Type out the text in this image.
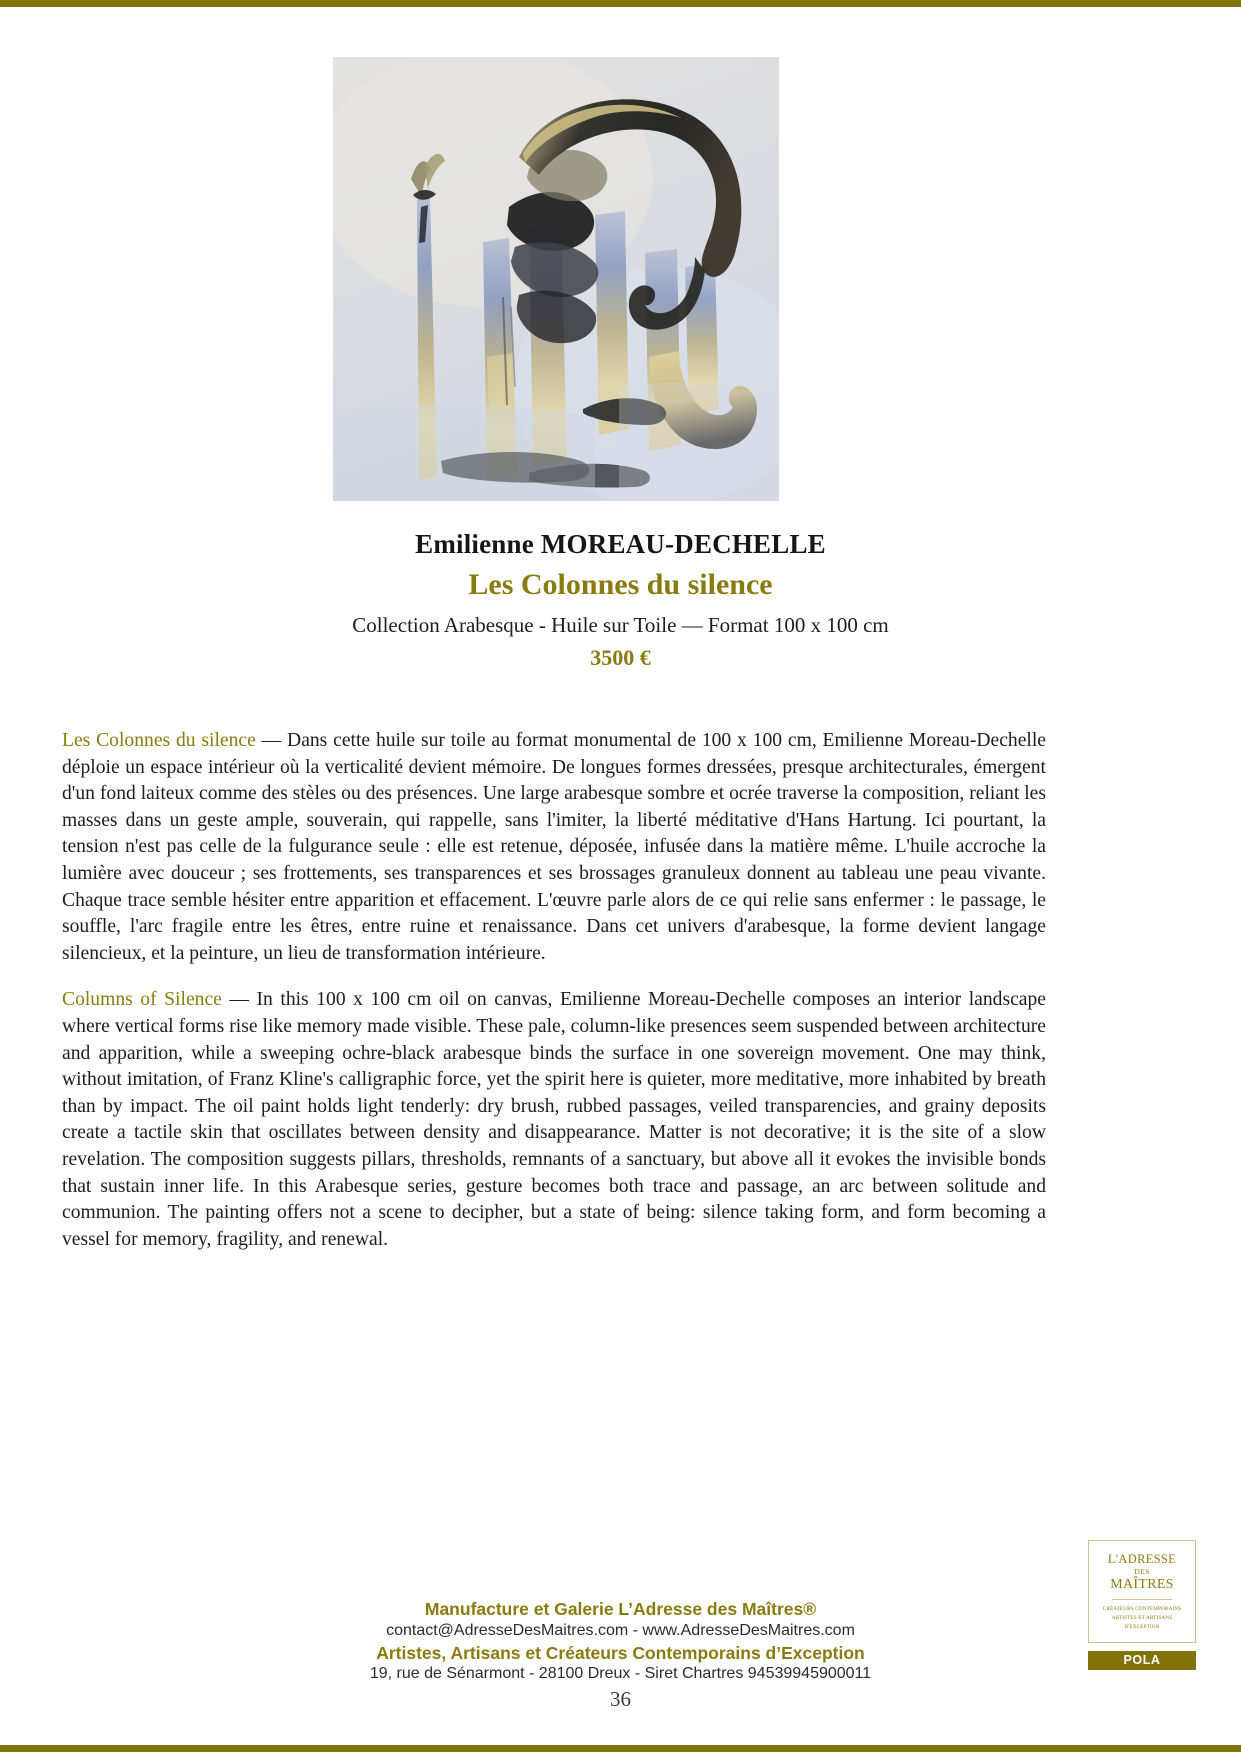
Emilienne MOREAU-DECHELLE
Les Colonnes du silence
Collection Arabesque - Huile sur Toile — Format 100 x 100 cm
3500 €

Les Colonnes du silence — Dans cette huile sur toile au format monumental de 100 x 100 cm, Emilienne Moreau-Dechelle déploie un espace intérieur où la verticalité devient mémoire. De longues formes dressées, presque architecturales, émergent d'un fond laiteux comme des stèles ou des présences. Une large arabesque sombre et ocrée traverse la composition, reliant les masses dans un geste ample, souverain, qui rappelle, sans l'imiter, la liberté méditative d'Hans Hartung. Ici pourtant, la tension n'est pas celle de la fulgurance seule : elle est retenue, déposée, infusée dans la matière même. L'huile accroche la lumière avec douceur ; ses frottements, ses transparences et ses brossages granuleux donnent au tableau une peau vivante. Chaque trace semble hésiter entre apparition et effacement. L'œuvre parle alors de ce qui relie sans enfermer : le passage, le souffle, l'arc fragile entre les êtres, entre ruine et renaissance. Dans cet univers d'arabesque, la forme devient langage silencieux, et la peinture, un lieu de transformation intérieure.

Columns of Silence — In this 100 x 100 cm oil on canvas, Emilienne Moreau-Dechelle composes an interior landscape where vertical forms rise like memory made visible. These pale, column-like presences seem suspended between architecture and apparition, while a sweeping ochre-black arabesque binds the surface in one sovereign movement. One may think, without imitation, of Franz Kline's calligraphic force, yet the spirit here is quieter, more meditative, more inhabited by breath than by impact. The oil paint holds light tenderly: dry brush, rubbed passages, veiled transparencies, and grainy deposits create a tactile skin that oscillates between density and disappearance. Matter is not decorative; it is the site of a slow revelation. The composition suggests pillars, thresholds, remnants of a sanctuary, but above all it evokes the invisible bonds that sustain inner life. In this Arabesque series, gesture becomes both trace and passage, an arc between solitude and communion. The painting offers not a scene to decipher, but a state of being: silence taking form, and form becoming a vessel for memory, fragility, and renewal.

Manufacture et Galerie L’Adresse des Maîtres®
contact@AdresseDesMaitres.com - www.AdresseDesMaitres.com
Artistes, Artisans et Créateurs Contemporains d’Exception
19, rue de Sénarmont - 28100 Dreux - Siret Chartres 94539945900011
36
L'ADRESSE
DES
MAÎTRES
CRÉATEURS CONTEMPORAINS
ARTISTES ET ARTISANS
D'EXCEPTION
POLA
